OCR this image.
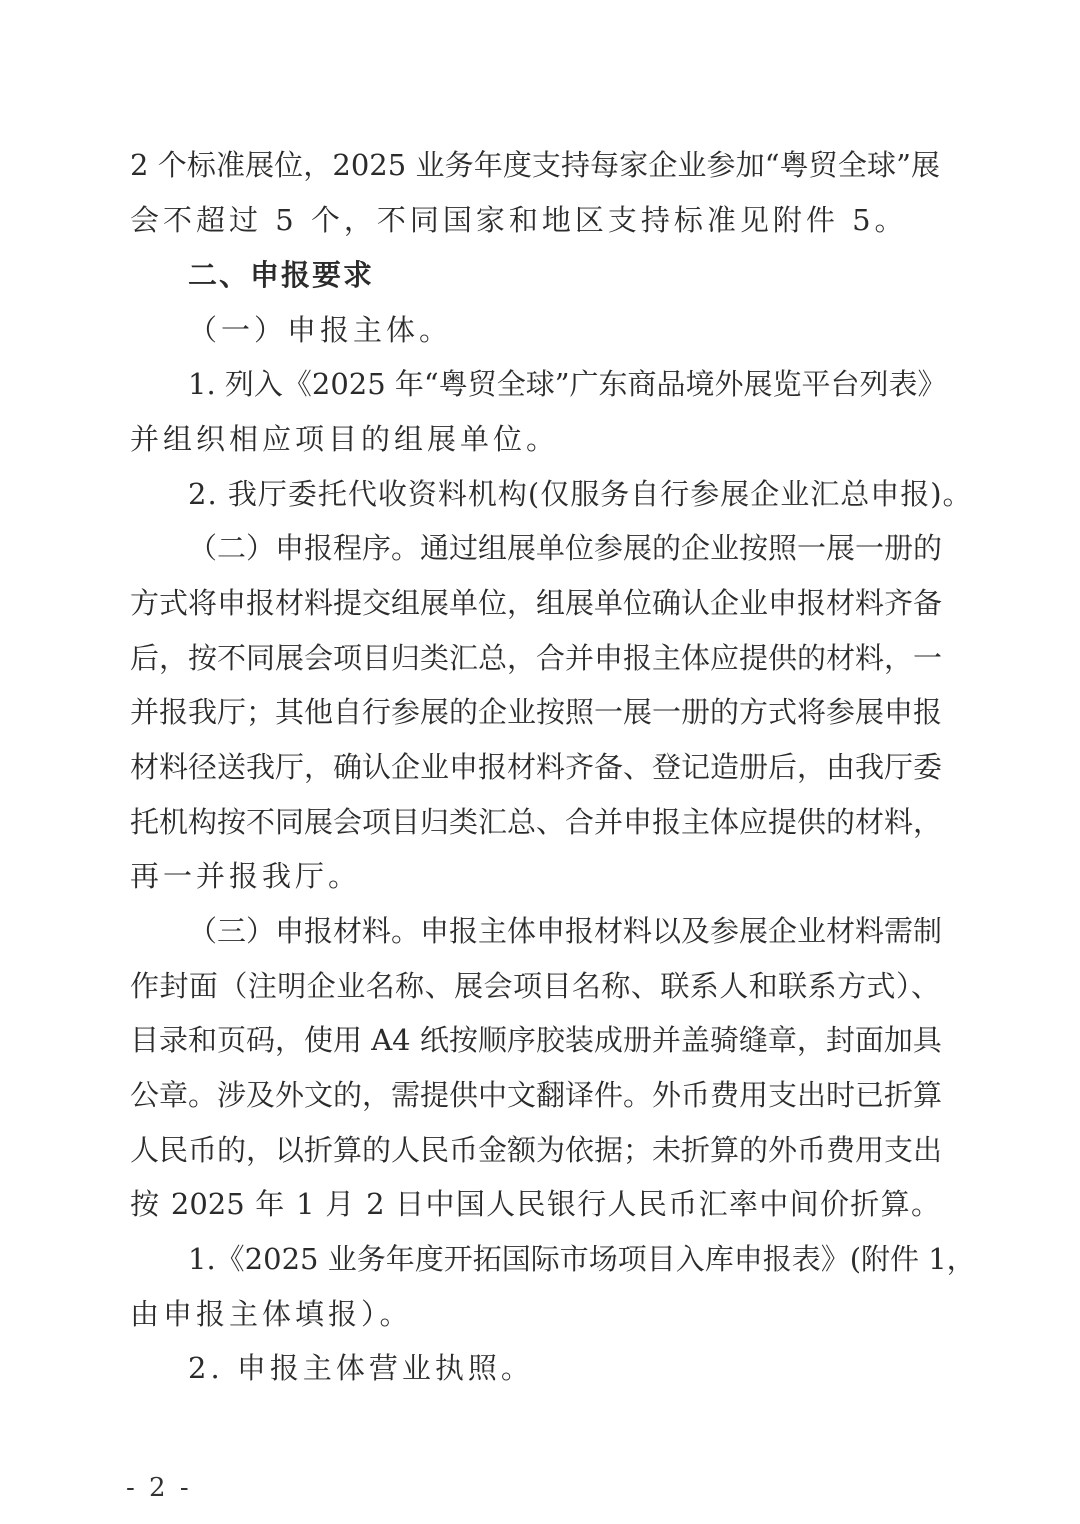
2 个标准展位，2025 业务年度支持每家企业参加“粤贸全球”展
会不超过 5 个，不同国家和地区支持标准见附件 5。
二、申报要求
（一）申报主体。
1. 列入《2025 年“粤贸全球”广东商品境外展览平台列表》
并组织相应项目的组展单位。
2. 我厅委托代收资料机构(仅服务自行参展企业汇总申报)。
（二）申报程序。通过组展单位参展的企业按照一展一册的
方式将申报材料提交组展单位，组展单位确认企业申报材料齐备
后，按不同展会项目归类汇总，合并申报主体应提供的材料，一
并报我厅；其他自行参展的企业按照一展一册的方式将参展申报
材料径送我厅，确认企业申报材料齐备、登记造册后，由我厅委
托机构按不同展会项目归类汇总、合并申报主体应提供的材料，
再一并报我厅。
（三）申报材料。申报主体申报材料以及参展企业材料需制
作封面（注明企业名称、展会项目名称、联系人和联系方式）、
目录和页码，使用 A4 纸按顺序胶装成册并盖骑缝章，封面加具
公章。涉及外文的，需提供中文翻译件。外币费用支出时已折算
人民币的，以折算的人民币金额为依据；未折算的外币费用支出
按 2025 年 1 月 2 日中国人民银行人民币汇率中间价折算。
1.《2025 业务年度开拓国际市场项目入库申报表》(附件 1，
由申报主体填报）。
2. 申报主体营业执照。
- 2 -
